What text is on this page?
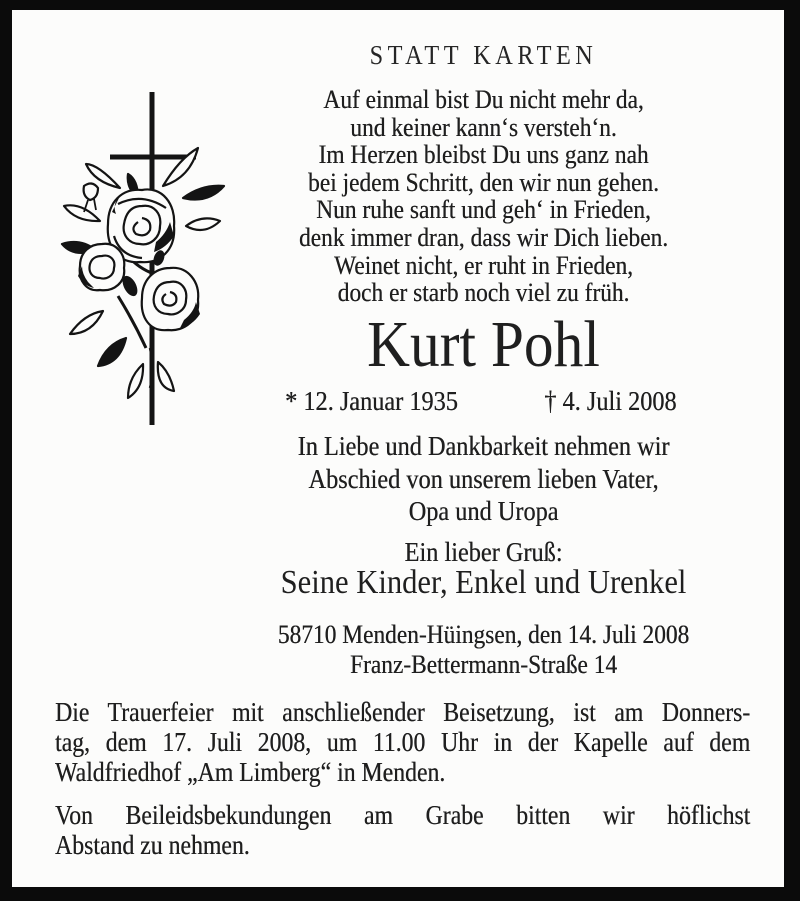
STATT KARTEN
Auf einmal bist Du nicht mehr da,
und keiner kann‘s versteh‘n.
Im Herzen bleibst Du uns ganz nah
bei jedem Schritt, den wir nun gehen.
Nun ruhe sanft und geh‘ in Frieden,
denk immer dran, dass wir Dich lieben.
Weinet nicht, er ruht in Frieden,
doch er starb noch viel zu früh.
Kurt Pohl
* 12. Januar 1935	† 4. Juli 2008
In Liebe und Dankbarkeit nehmen wir
Abschied von unserem lieben Vater,
Opa und Uropa
Ein lieber Gruß:
Seine Kinder, Enkel und Urenkel
58710 Menden-Hüingsen, den 14. Juli 2008
Franz-Bettermann-Straße 14
Die Trauerfeier mit anschließender Beisetzung, ist am Donners-
tag, dem 17. Juli 2008, um 11.00 Uhr in der Kapelle auf dem
Waldfriedhof „Am Limberg“ in Menden.
Von Beileidsbekundungen am Grabe bitten wir höflichst
Abstand zu nehmen.
